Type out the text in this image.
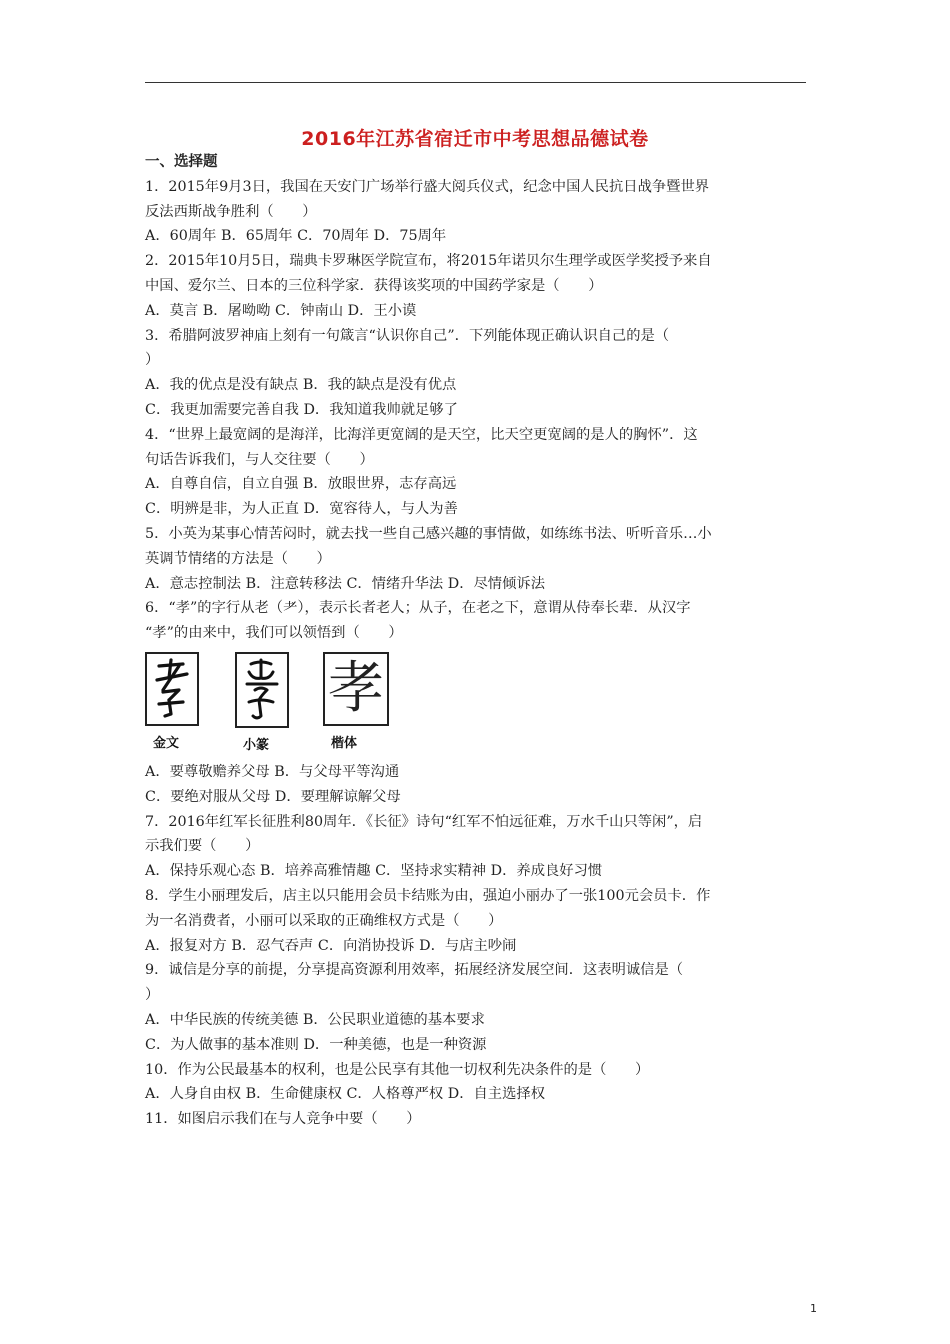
2016年江苏省宿迁市中考思想品德试卷
一、选择题
1．2015年9月3日，我国在天安门广场举行盛大阅兵仪式，纪念中国人民抗日战争暨世界
反法西斯战争胜利（　　）
A．60周年 B．65周年 C．70周年 D．75周年
2．2015年10月5日，瑞典卡罗琳医学院宣布，将2015年诺贝尔生理学或医学奖授予来自
中国、爱尔兰、日本的三位科学家．获得该奖项的中国药学家是（　　）
A．莫言 B．屠呦呦 C．钟南山 D．王小谟
3．希腊阿波罗神庙上刻有一句箴言“认识你自己”．下列能体现正确认识自己的是（
）
A．我的优点是没有缺点 B．我的缺点是没有优点
C．我更加需要完善自我 D．我知道我帅就足够了
4．“世界上最宽阔的是海洋，比海洋更宽阔的是天空，比天空更宽阔的是人的胸怀”．这
句话告诉我们，与人交往要（　　）
A．自尊自信，自立自强 B．放眼世界，志存高远
C．明辨是非，为人正直 D．宽容待人，与人为善
5．小英为某事心情苦闷时，就去找一些自己感兴趣的事情做，如练练书法、听听音乐…小
英调节情绪的方法是（　　）
A．意志控制法 B．注意转移法 C．情绪升华法 D．尽情倾诉法
6．“孝”的字行从老（耂），表示长者老人；从子，在老之下，意谓从侍奉长辈．从汉字
“孝”的由来中，我们可以领悟到（　　）
金文	小篆
孝
楷体
A．要尊敬赡养父母 B．与父母平等沟通
C．要绝对服从父母 D．要理解谅解父母
7．2016年红军长征胜利80周年．《长征》诗句“红军不怕远征难，万水千山只等闲”，启
示我们要（　　）
A．保持乐观心态 B．培养高雅情趣 C．坚持求实精神 D．养成良好习惯
8．学生小丽理发后，店主以只能用会员卡结账为由，强迫小丽办了一张100元会员卡．作
为一名消费者，小丽可以采取的正确维权方式是（　　）
A．报复对方 B．忍气吞声 C．向消协投诉 D．与店主吵闹
9．诚信是分享的前提，分享提高资源利用效率，拓展经济发展空间．这表明诚信是（
）
A．中华民族的传统美德 B．公民职业道德的基本要求
C．为人做事的基本准则 D．一种美德，也是一种资源
10．作为公民最基本的权利，也是公民享有其他一切权利先决条件的是（　　）
A．人身自由权 B．生命健康权 C．人格尊严权 D．自主选择权
11．如图启示我们在与人竞争中要（　　）
1
